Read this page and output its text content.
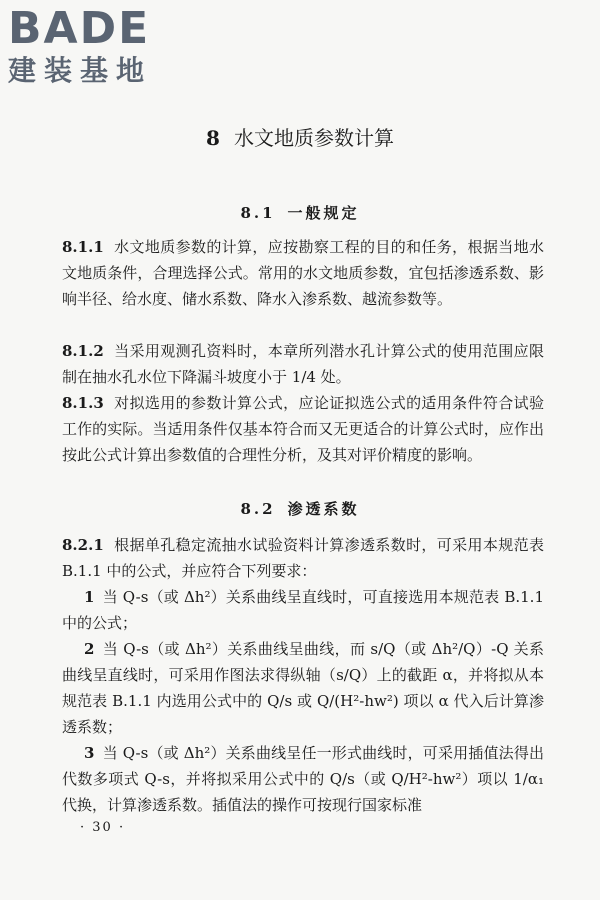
BADE
建装基地
8 水文地质参数计算
8.1 一般规定
8.1.1 水文地质参数的计算，应按勘察工程的目的和任务，根据当地水文地质条件，合理选择公式。常用的水文地质参数，宜包括渗透系数、影响半径、给水度、储水系数、降水入渗系数、越流参数等。
8.1.2 当采用观测孔资料时，本章所列潜水孔计算公式的使用范围应限制在抽水孔水位下降漏斗坡度小于 1/4 处。
8.1.3 对拟选用的参数计算公式，应论证拟选公式的适用条件符合试验工作的实际。当适用条件仅基本符合而又无更适合的计算公式时，应作出按此公式计算出参数值的合理性分析，及其对评价精度的影响。
8.2 渗透系数
8.2.1 根据单孔稳定流抽水试验资料计算渗透系数时，可采用本规范表 B.1.1 中的公式，并应符合下列要求：
1 当 Q-s（或 Δh²）关系曲线呈直线时，可直接选用本规范表 B.1.1 中的公式；
2 当 Q-s（或 Δh²）关系曲线呈曲线，而 s/Q（或 Δh²/Q）-Q 关系曲线呈直线时，可采用作图法求得纵轴（s/Q）上的截距 α，并将拟从本规范表 B.1.1 内选用公式中的 Q/s 或 Q/(H²-hw²) 项以 α 代入后计算渗透系数；
3 当 Q-s（或 Δh²）关系曲线呈任一形式曲线时，可采用插值法得出代数多项式 Q-s，并将拟采用公式中的 Q/s（或 Q/H²-hw²）项以 1/α₁ 代换，计算渗透系数。插值法的操作可按现行国家标准
· 30 ·
